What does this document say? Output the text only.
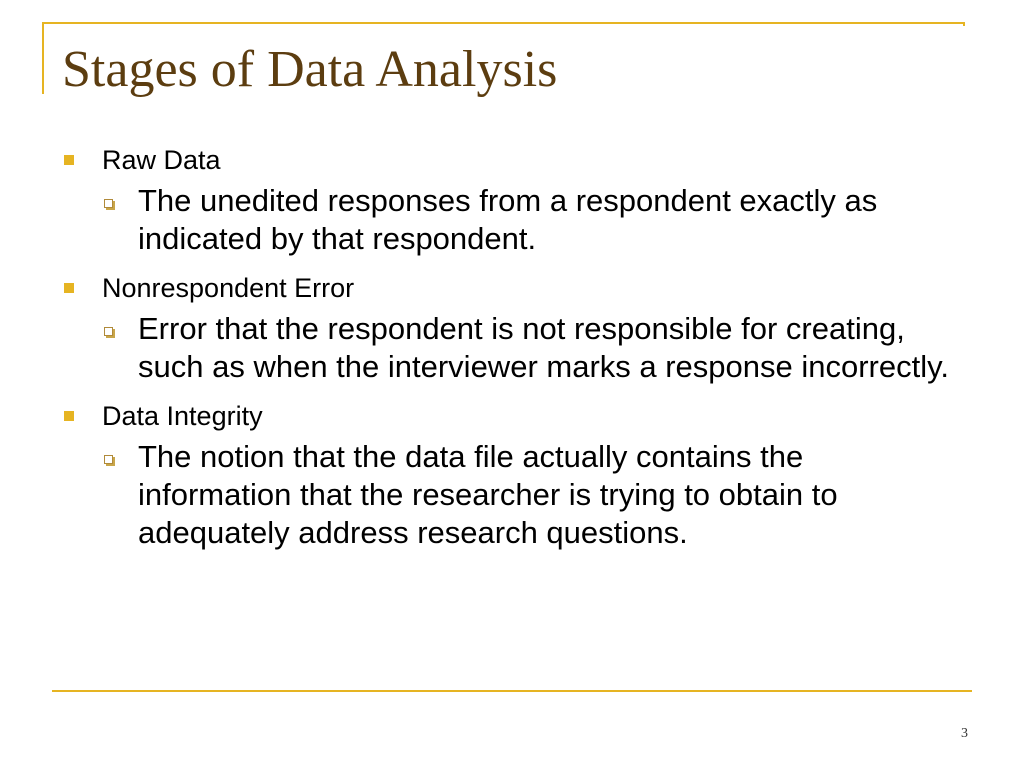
Stages of Data Analysis
Raw Data
The unedited responses from a respondent exactly as indicated by that respondent.
Nonrespondent Error
Error that the respondent is not responsible for creating, such as when the interviewer marks a response incorrectly.
Data Integrity
The notion that the data file actually contains the information that the researcher is trying to obtain to adequately address research questions.
3
